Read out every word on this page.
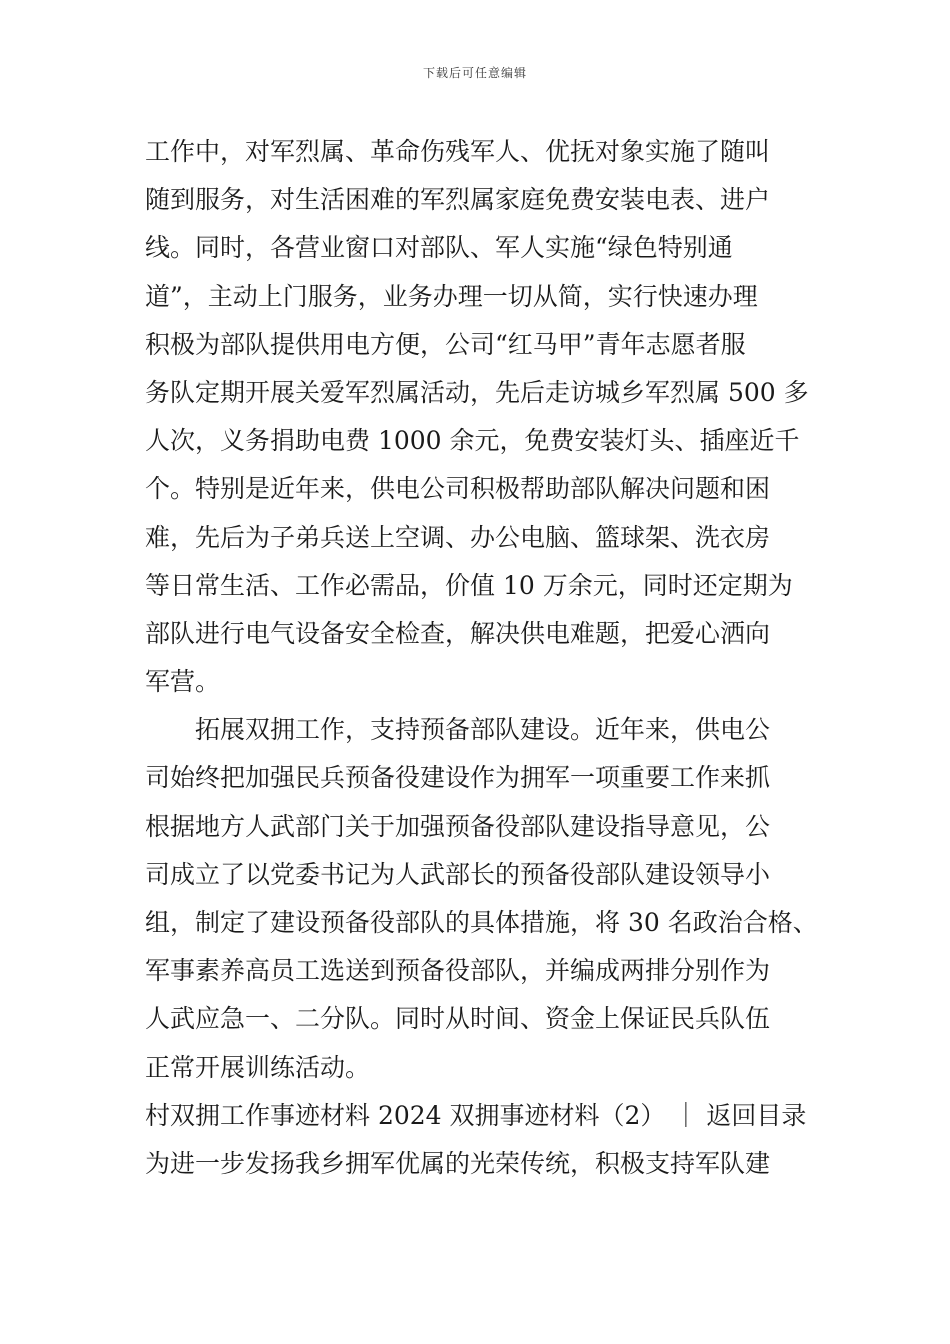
下载后可任意编辑
工作中，对军烈属、革命伤残军人、优抚对象实施了随叫
随到服务，对生活困难的军烈属家庭免费安装电表、进户
线。同时，各营业窗口对部队、军人实施“绿色特别通
道”，主动上门服务，业务办理一切从简，实行快速办理
积极为部队提供用电方便，公司“红马甲”青年志愿者服
务队定期开展关爱军烈属活动，先后走访城乡军烈属 500 多
人次，义务捐助电费 1000 余元，免费安装灯头、插座近千
个。特别是近年来，供电公司积极帮助部队解决问题和困
难，先后为子弟兵送上空调、办公电脑、篮球架、洗衣房
等日常生活、工作必需品，价值 10 万余元，同时还定期为
部队进行电气设备安全检查，解决供电难题，把爱心洒向
军营。
拓展双拥工作，支持预备部队建设。近年来，供电公
司始终把加强民兵预备役建设作为拥军一项重要工作来抓
根据地方人武部门关于加强预备役部队建设指导意见，公
司成立了以党委书记为人武部长的预备役部队建设领导小
组，制定了建设预备役部队的具体措施，将 30 名政治合格、
军事素养高员工选送到预备役部队，并编成两排分别作为
人武应急一、二分队。同时从时间、资金上保证民兵队伍
正常开展训练活动。
村双拥工作事迹材料 2024 双拥事迹材料（2） ｜ 返回目录
为进一步发扬我乡拥军优属的光荣传统，积极支持军队建
